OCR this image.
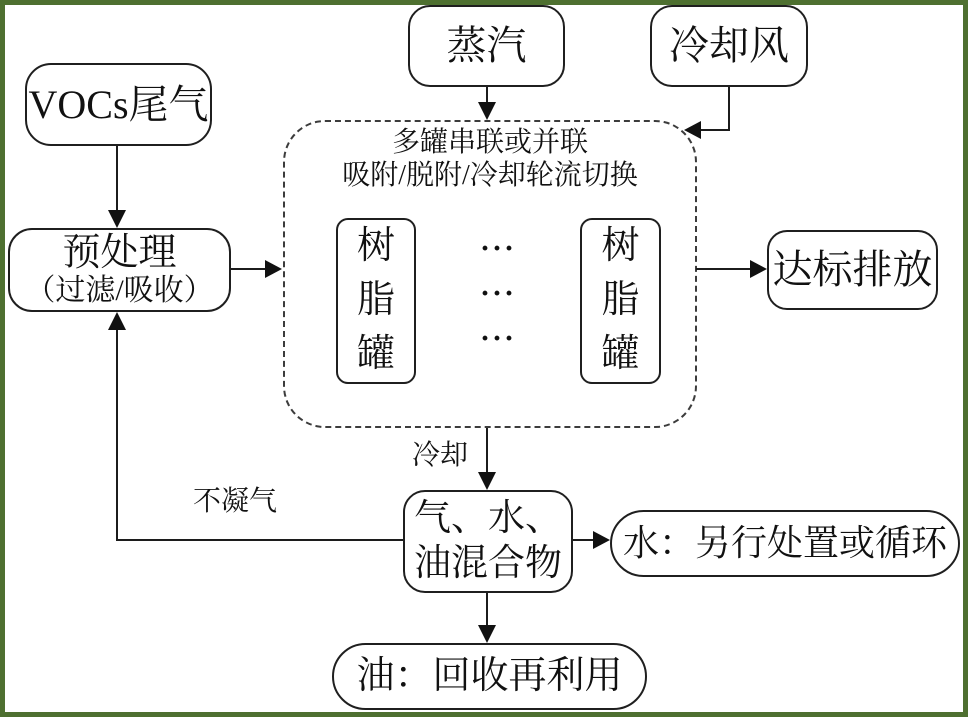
多罐串联或并联
吸附/脱附/冷却轮流切换
树脂罐
树脂罐
···
···
···
VOCs尾气
蒸汽	冷却风
预处理
（过滤/吸收）	达标排放
气、水、
油混合物 水：另行处置或循环
油：回收再利用
冷却
不凝气
